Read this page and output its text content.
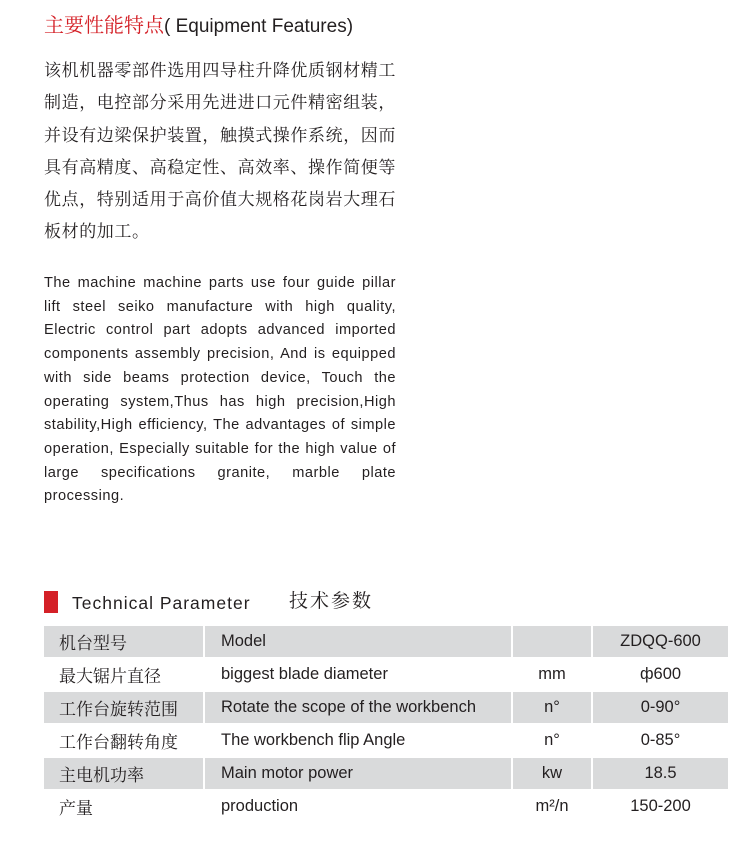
主要性能特点( Equipment Features)

该机机器零部件选用四导柱升降优质钢材精工制造，电控部分采用先进进口元件精密组装，并设有边梁保护装置，触摸式操作系统，因而具有高精度、高稳定性、高效率、操作简便等优点，特别适用于高价值大规格花岗岩大理石板材的加工。

The machine machine parts use four guide pillar lift steel seiko manufacture with high quality, Electric control part adopts advanced imported components assembly precision, And is equipped with side beams protection device, Touch the operating system,Thus has high precision,High stability,High efficiency, The advantages of simple operation, Especially suitable for the high value of large specifications granite, marble plate processing.

Technical Parameter 技术参数
机台型号	Model		ZDQQ-600
最大锯片直径	biggest blade diameter	mm	ф600
工作台旋转范围	Rotate the scope of the workbench	n°	0-90°
工作台翻转角度	The workbench flip Angle	n°	0-85°
主电机功率	Main motor power	kw	18.5
产量	production	m²/n	150-200
